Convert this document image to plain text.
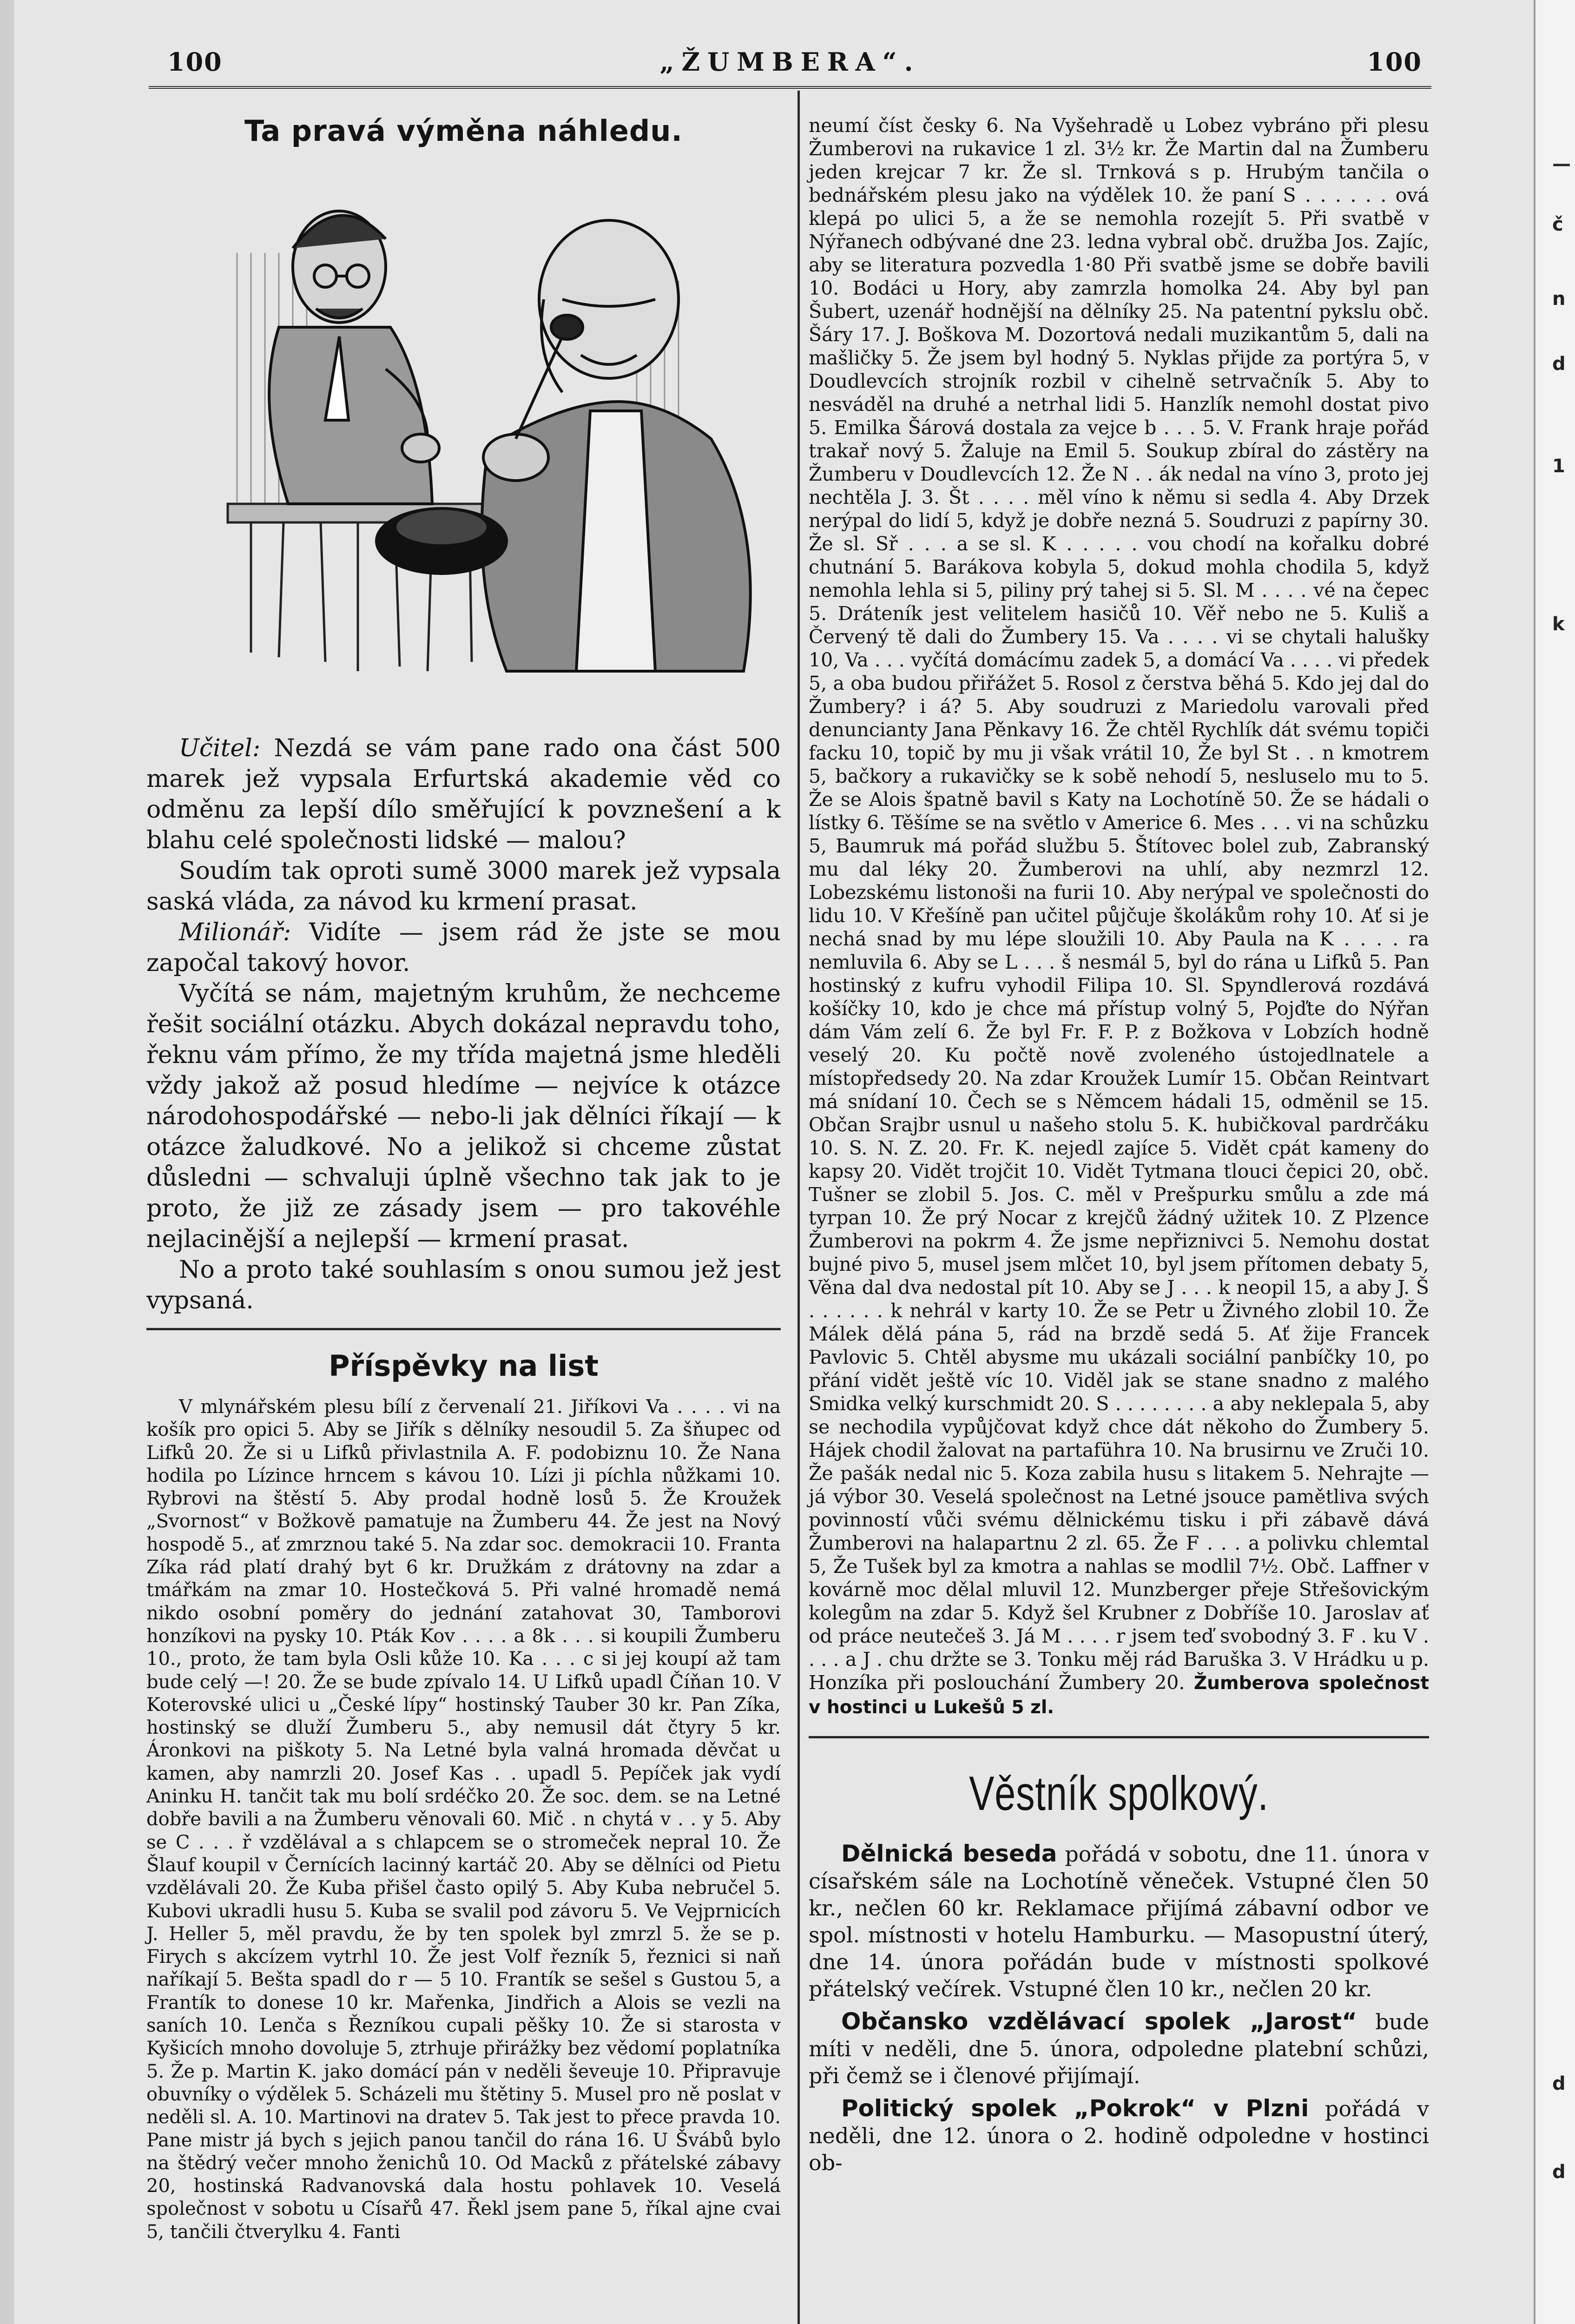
—
č
n
d
1
k
d
d
100	„ŽUMBERA“.	100
Ta pravá výměna náhledu.

Učitel: Nezdá se vám pane rado ona část 500 marek jež vypsala Erfurtská akademie věd co odměnu za lepší dílo směřující k povznešení a k blahu celé společnosti lidské — malou?

Soudím tak oproti sumě 3000 marek jež vypsala saská vláda, za návod ku krmení prasat.

Milionář: Vidíte — jsem rád že jste se mou započal takový hovor.

Vyčítá se nám, majetným kruhům, že nechceme řešit sociální otázku. Abych dokázal nepravdu toho, řeknu vám přímo, že my třída majetná jsme hleděli vždy jakož až posud hledíme — nejvíce k otázce národohospodářské — nebo-li jak dělníci říkají — k otázce žaludkové. No a jelikož si chceme zůstat důsledni — schvaluji úplně všechno tak jak to je proto, že již ze zásady jsem — pro takovéhle nejlacinější a nejlepší — krmení prasat.

No a proto také souhlasím s onou sumou jež jest vypsaná.

Příspěvky na list

V mlynářském plesu bílí z červenalí 21. Jiříkovi Va . . . . vi na košík pro opici 5. Aby se Jiřík s dělníky nesoudil 5. Za šňupec od Lifků 20. Že si u Lifků přivlastnila A. F. podobiznu 10. Že Nana hodila po Lízince hrncem s kávou 10. Lízi ji píchla nůžkami 10. Rybrovi na štěstí 5. Aby prodal hodně losů 5. Že Kroužek „Svornost“ v Božkově pamatuje na Žumberu 44. Že jest na Nový hospodě 5., ať zmrznou také 5. Na zdar soc. demokracii 10. Franta Zíka rád platí drahý byt 6 kr. Družkám z drátovny na zdar a tmářkám na zmar 10. Hostečková 5. Při valné hromadě nemá nikdo osobní poměry do jednání zatahovat 30, Tamborovi honzíkovi na pysky 10. Pták Kov . . . . a 8k . . . si koupili Žumberu 10., proto, že tam byla Osli kůže 10. Ka . . . c si jej koupí až tam bude celý —! 20. Že se bude zpívalo 14. U Lifků upadl Číňan 10. V Koterovské ulici u „České lípy“ hostinský Tauber 30 kr. Pan Zíka, hostinský se dluží Žumberu 5., aby nemusil dát čtyry 5 kr. Áronkovi na piškoty 5. Na Letné byla valná hromada děvčat u kamen, aby namrzli 20. Josef Kas . . upadl 5. Pepíček jak vydí Aninku H. tančit tak mu bolí srdéčko 20. Že soc. dem. se na Letné dobře bavili a na Žumberu věnovali 60. Mič . n chytá v . . y 5. Aby se C . . . ř vzdělával a s chlapcem se o stromeček nepral 10. Že Šlauf koupil v Černících lacinný kartáč 20. Aby se dělníci od Pietu vzdělávali 20. Že Kuba přišel často opilý 5. Aby Kuba nebručel 5. Kubovi ukradli husu 5. Kuba se svalil pod závoru 5. Ve Vejprnicích J. Heller 5, měl pravdu, že by ten spolek byl zmrzl 5. že se p. Firych s akcízem vytrhl 10. Že jest Volf řezník 5, řeznici si naň naříkají 5. Bešta spadl do r — 5 10. Frantík se sešel s Gustou 5, a Frantík to donese 10 kr. Mařenka, Jindřich a Alois se vezli na saních 10. Lenča s Řezníkou cupali pěšky 10. Že si starosta v Kyšicích mnoho dovoluje 5, ztrhuje přirážky bez vědomí poplatníka 5. Že p. Martin K. jako domácí pán v neděli ševeuje 10. Připravuje obuvníky o výdělek 5. Scházeli mu štětiny 5. Musel pro ně poslat v neděli sl. A. 10. Martinovi na dratev 5. Tak jest to přece pravda 10. Pane mistr já bych s jejich panou tančil do rána 16. U Švábů bylo na štědrý večer mnoho ženichů 10. Od Macků z přátelské zábavy 20, hostinská Radvanovská dala hostu pohlavek 10. Veselá společnost v sobotu u Císařů 47. Řekl jsem pane 5, říkal ajne cvai 5, tančili čtverylku 4. Fanti

neumí číst česky 6. Na Vyšehradě u Lobez vybráno při plesu Žumberovi na rukavice 1 zl. 3½ kr. Že Martin dal na Žumberu jeden krejcar 7 kr. Že sl. Trnková s p. Hrubým tančila o bednářském plesu jako na výdělek 10. že paní S . . . . . . ová klepá po ulici 5, a že se nemohla rozejít 5. Při svatbě v Nýřanech odbývané dne 23. ledna vybral obč. družba Jos. Zajíc, aby se literatura pozvedla 1·80 Při svatbě jsme se dobře bavili 10. Bodáci u Hory, aby zamrzla homolka 24. Aby byl pan Šubert, uzenář hodnější na dělníky 25. Na patentní pykslu obč. Šáry 17. J. Boškova M. Dozortová nedali muzikantům 5, dali na mašličky 5. Že jsem byl hodný 5. Nyklas přijde za portýra 5, v Doudlevcích strojník rozbil v cihelně setrvačník 5. Aby to nesváděl na druhé a netrhal lidi 5. Hanzlík nemohl dostat pivo 5. Emilka Šárová dostala za vejce b . . . 5. V. Frank hraje pořád trakař nový 5. Žaluje na Emil 5. Soukup zbíral do zástěry na Žumberu v Doudlevcích 12. Že N . . ák nedal na víno 3, proto jej nechtěla J. 3. Št . . . . měl víno k němu si sedla 4. Aby Drzek nerýpal do lidí 5, když je dobře nezná 5. Soudruzi z papírny 30. Že sl. Sř . . . a se sl. K . . . . . vou chodí na kořalku dobré chutnání 5. Barákova kobyla 5, dokud mohla chodila 5, když nemohla lehla si 5, piliny prý tahej si 5. Sl. M . . . . vé na čepec 5. Dráteník jest velitelem hasičů 10. Věř nebo ne 5. Kuliš a Červený tě dali do Žumbery 15. Va . . . . vi se chytali halušky 10, Va . . . vyčítá domácímu zadek 5, a domácí Va . . . . vi předek 5, a oba budou přiřážet 5. Rosol z čerstva běhá 5. Kdo jej dal do Žumbery? i á? 5. Aby soudruzi z Mariedolu varovali před denuncianty Jana Pěnkavy 16. Že chtěl Rychlík dát svému topiči facku 10, topič by mu ji však vrátil 10, Že byl St . . n kmotrem 5, bačkory a rukavičky se k sobě nehodí 5, nesluselo mu to 5. Že se Alois špatně bavil s Katy na Lochotíně 50. Že se hádali o lístky 6. Těšíme se na světlo v Americe 6. Mes . . . vi na schůzku 5, Baumruk má pořád službu 5. Štítovec bolel zub, Zabranský mu dal léky 20. Žumberovi na uhlí, aby nezmrzl 12. Lobezskému listonoši na furii 10. Aby nerýpal ve společnosti do lidu 10. V Křešíně pan učitel půjčuje školákům rohy 10. Ať si je nechá snad by mu lépe sloužili 10. Aby Paula na K . . . . ra nemluvila 6. Aby se L . . . š nesmál 5, byl do rána u Lifků 5. Pan hostinský z kufru vyhodil Filipa 10. Sl. Spyndlerová rozdává košíčky 10, kdo je chce má přístup volný 5, Pojďte do Nýřan dám Vám zelí 6. Že byl Fr. F. P. z Božkova v Lobzích hodně veselý 20. Ku počtě nově zvoleného ústojedlnatele a místopředsedy 20. Na zdar Kroužek Lumír 15. Občan Reintvart má snídaní 10. Čech se s Němcem hádali 15, odměnil se 15. Občan Srajbr usnul u našeho stolu 5. K. hubičkoval pardrčáku 10. S. N. Z. 20. Fr. K. nejedl zajíce 5. Vidět cpát kameny do kapsy 20. Vidět trojčit 10. Vidět Tytmana tlouci čepici 20, obč. Tušner se zlobil 5. Jos. C. měl v Prešpurku smůlu a zde má tyrpan 10. Že prý Nocar z krejčů žádný užitek 10. Z Plzence Žumberovi na pokrm 4. Že jsme nepřiznivci 5. Nemohu dostat bujné pivo 5, musel jsem mlčet 10, byl jsem přítomen debaty 5, Věna dal dva nedostal pít 10. Aby se J . . . k neopil 15, a aby J. Š . . . . . . k nehrál v karty 10. Že se Petr u Živného zlobil 10. Že Málek dělá pána 5, rád na brzdě sedá 5. Ať žije Francek Pavlovic 5. Chtěl abysme mu ukázali sociální panbíčky 10, po přání vidět ještě víc 10. Viděl jak se stane snadno z malého Smidka velký kurschmidt 20. S . . . . . . . . a aby neklepala 5, aby se nechodila vypůjčovat když chce dát někoho do Žumbery 5. Hájek chodil žalovat na partaführa 10. Na brusirnu ve Zruči 10. Že pašák nedal nic 5. Koza zabila husu s litakem 5. Nehrajte — já výbor 30. Veselá společnost na Letné jsouce pamětliva svých povinností vůči svému dělnickému tisku i při zábavě dává Žumberovi na halapartnu 2 zl. 65. Že F . . . a polivku chlemtal 5, Že Tušek byl za kmotra a nahlas se modlil 7½. Obč. Laffner v kovárně moc dělal mluvil 12. Munzberger přeje Střešovickým kolegům na zdar 5. Když šel Krubner z Dobříše 10. Jaroslav ať od práce neutečeš 3. Já M . . . . r jsem teď svobodný 3. F . ku V . . . . a J . chu držte se 3. Tonku měj rád Baruška 3. V Hrádku u p. Honzíka při poslouchání Žumbery 20. Žumberova společnost v hostinci u Lukešů 5 zl.

Věstník spolkový.

Dělnická beseda pořádá v sobotu, dne 11. února v císařském sále na Lochotíně věneček. Vstupné člen 50 kr., nečlen 60 kr. Reklamace přijímá zábavní odbor ve spol. místnosti v hotelu Hamburku. — Masopustní úterý, dne 14. února pořádán bude v místnosti spolkové přátelský večírek. Vstupné člen 10 kr., nečlen 20 kr.

Občansko vzdělávací spolek „Jarost“ bude míti v neděli, dne 5. února, odpoledne platební schůzi, při čemž se i členové přijímají.

Politický spolek „Pokrok“ v Plzni pořádá v neděli, dne 12. února o 2. hodině odpoledne v hostinci ob-
